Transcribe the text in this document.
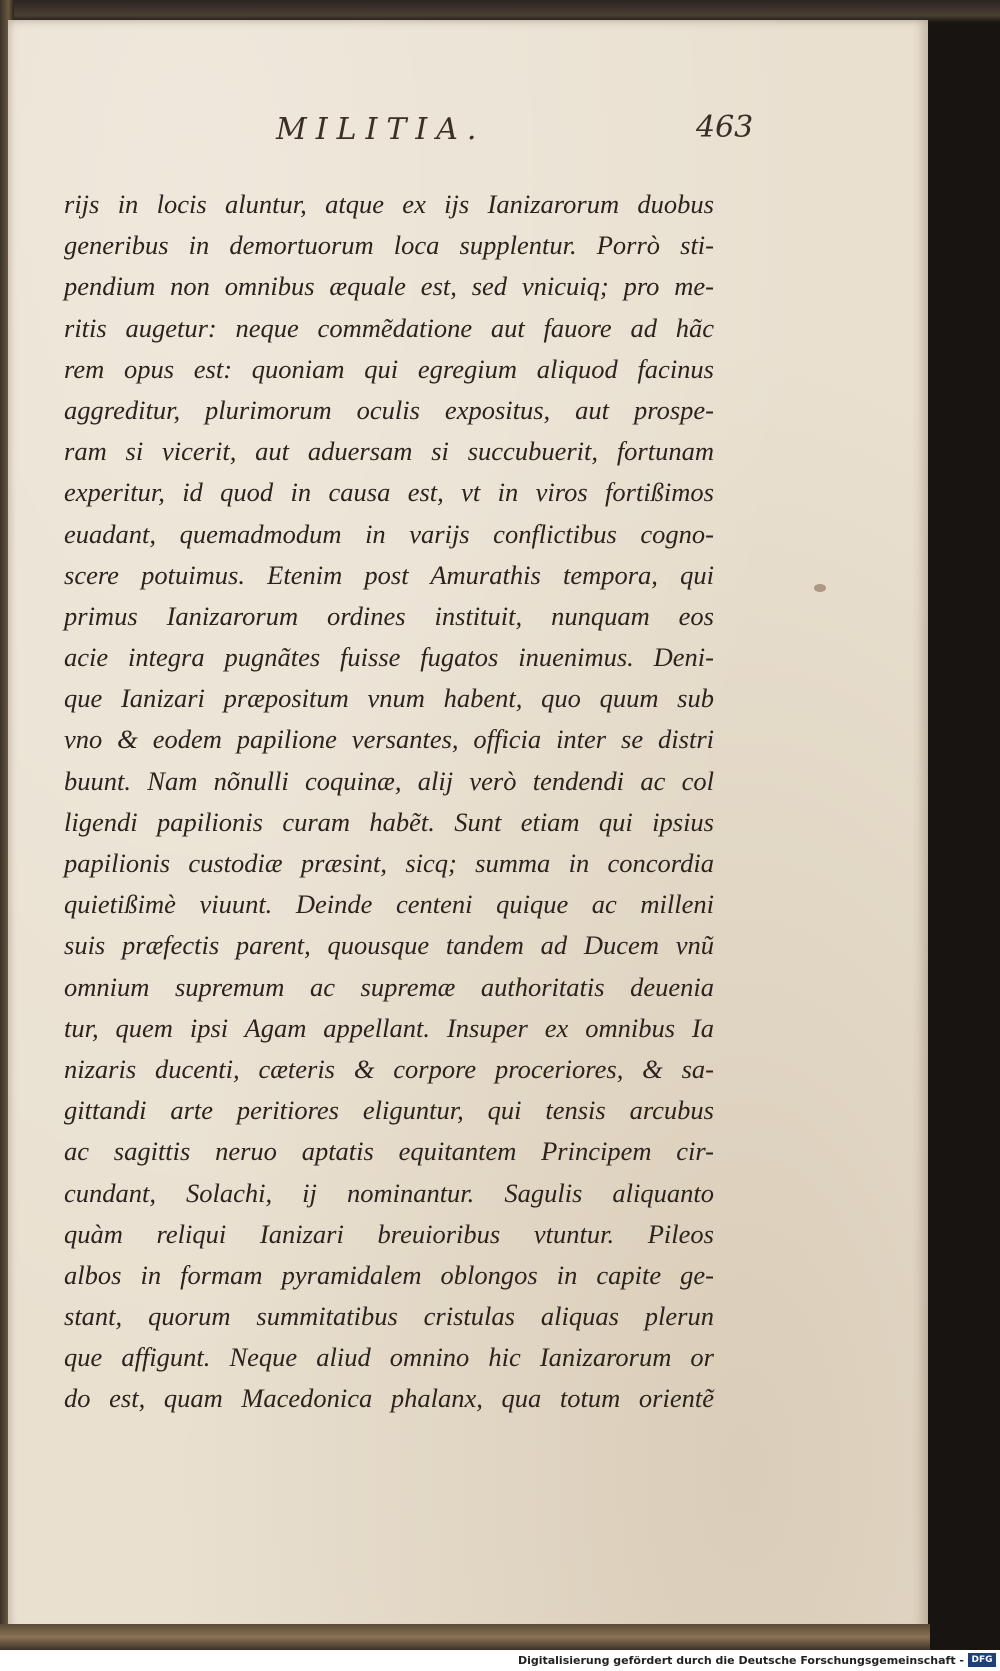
MILITIA.	463
rijs in locis aluntur, atque ex ijs Ianizarorum duobus
generibus in demortuorum loca supplentur. Porrò sti-
pendium non omnibus æquale est, sed vnicuiq; pro me-
ritis augetur: neque commẽdatione aut fauore ad hãc
rem opus est: quoniam qui egregium aliquod facinus
aggreditur, plurimorum oculis expositus, aut prospe-
ram si vicerit, aut aduersam si succubuerit, fortunam
experitur, id quod in causa est, vt in viros fortißimos
euadant, quemadmodum in varijs conflictibus cogno-
scere potuimus. Etenim post Amurathis tempora, qui
primus Ianizarorum ordines instituit, nunquam eos
acie integra pugnãtes fuisse fugatos inuenimus. Deni-
que Ianizari præpositum vnum habent, quo quum sub
vno & eodem papilione versantes, officia inter se distri
buunt. Nam nõnulli coquinæ, alij verò tendendi ac col
ligendi papilionis curam habẽt. Sunt etiam qui ipsius
papilionis custodiæ præsint, sicq; summa in concordia
quietißimè viuunt. Deinde centeni quique ac milleni
suis præfectis parent, quousque tandem ad Ducem vnũ
omnium supremum ac supremæ authoritatis deuenia
tur, quem ipsi Agam appellant. Insuper ex omnibus Ia
nizaris ducenti, cæteris & corpore proceriores, & sa-
gittandi arte peritiores eliguntur, qui tensis arcubus
ac sagittis neruo aptatis equitantem Principem cir-
cundant, Solachi, ij nominantur. Sagulis aliquanto
quàm reliqui Ianizari breuioribus vtuntur. Pileos
albos in formam pyramidalem oblongos in capite ge-
stant, quorum summitatibus cristulas aliquas plerun
que affigunt. Neque aliud omnino hic Ianizarorum or
do est, quam Macedonica phalanx, qua totum orientẽ
Digitalisierung gefördert durch die Deutsche Forschungsgemeinschaft - DFG
